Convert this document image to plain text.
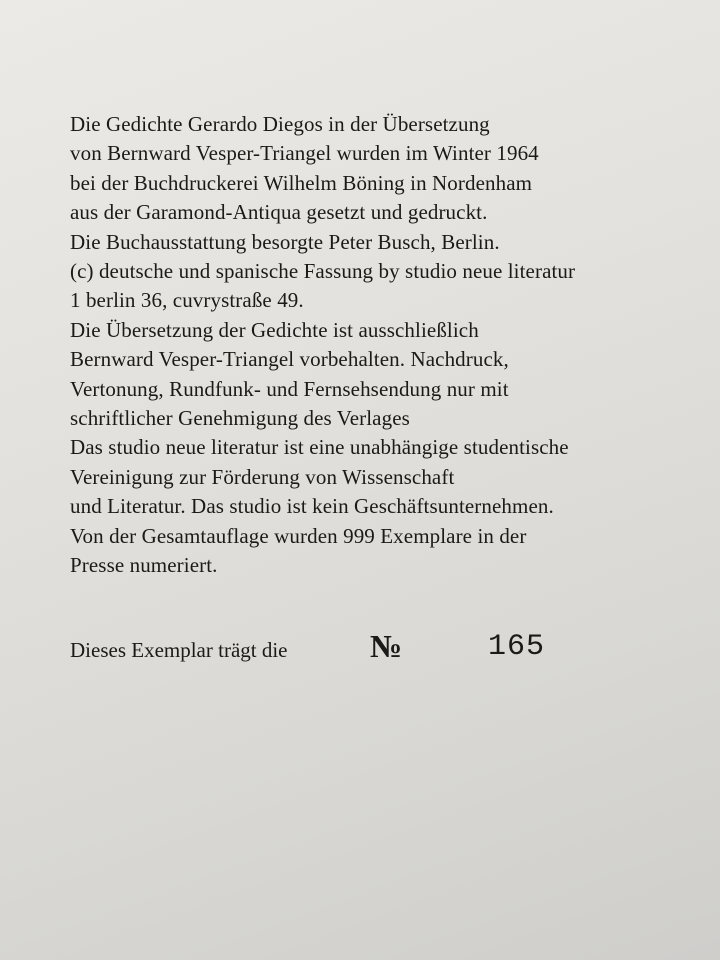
Die Gedichte Gerardo Diegos in der Übersetzung
von Bernward Vesper-Triangel wurden im Winter 1964
bei der Buchdruckerei Wilhelm Böning in Nordenham
aus der Garamond-Antiqua gesetzt und gedruckt.
Die Buchausstattung besorgte Peter Busch, Berlin.
(c) deutsche und spanische Fassung by studio neue literatur
1 berlin 36, cuvrystraße 49.
Die Übersetzung der Gedichte ist ausschließlich
Bernward Vesper-Triangel vorbehalten. Nachdruck,
Vertonung, Rundfunk- und Fernsehsendung nur mit
schriftlicher Genehmigung des Verlages
Das studio neue literatur ist eine unabhängige studentische
Vereinigung zur Förderung von Wissenschaft
und Literatur. Das studio ist kein Geschäftsunternehmen.
Von der Gesamtauflage wurden 999 Exemplare in der
Presse numeriert.
Dieses Exemplar trägt die	№	165
